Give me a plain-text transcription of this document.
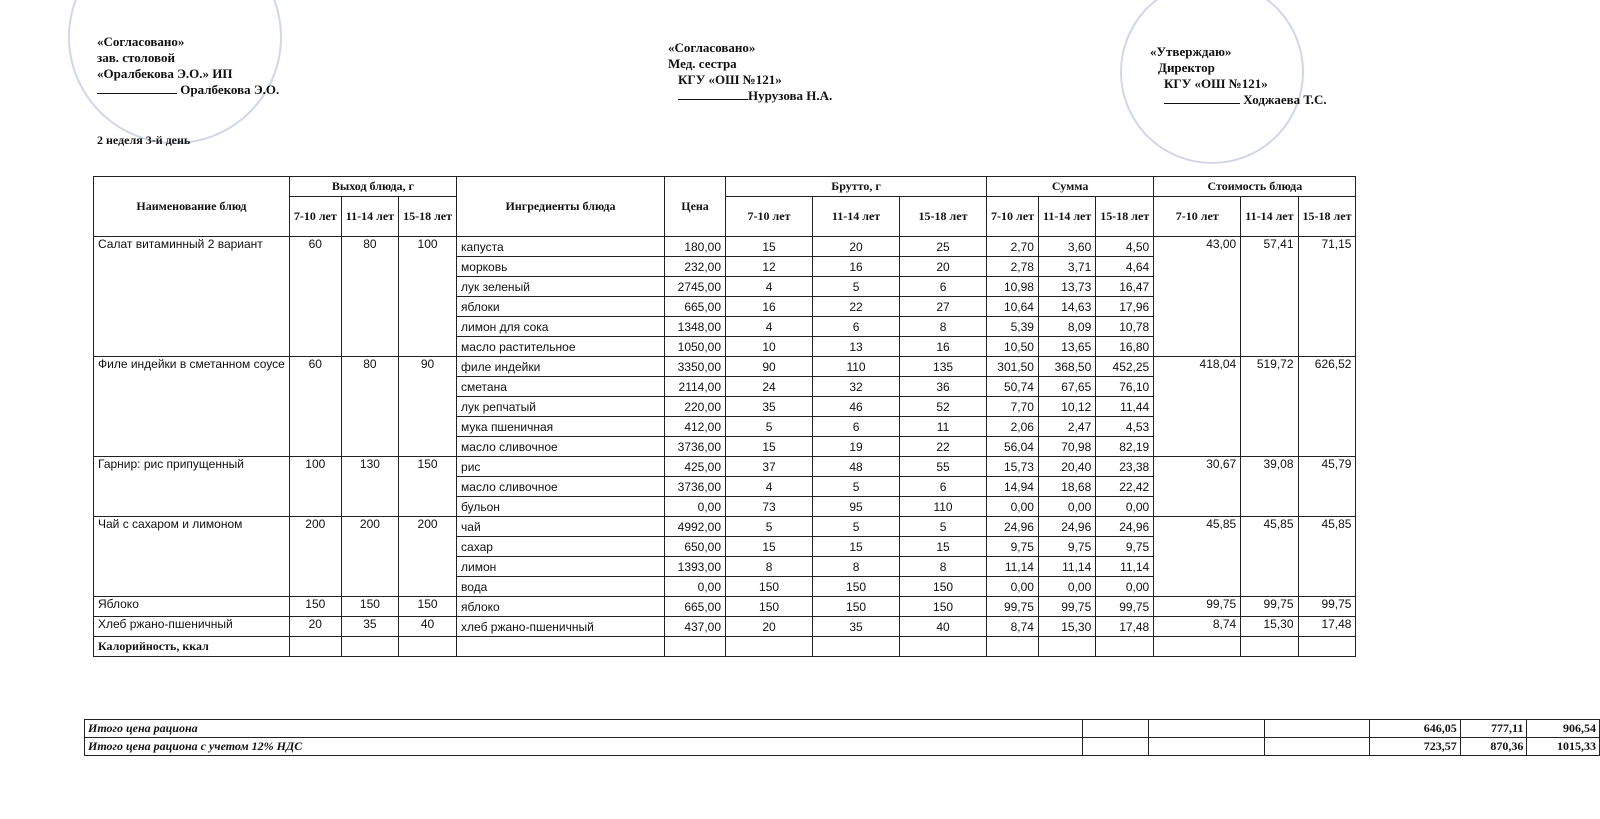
«Согласовано»
зав. столовой
«Оралбекова Э.О.» ИП
Оралбекова Э.О.
«Согласовано»
Мед. сестра
КГУ «ОШ №121»
Нурузова Н.А.
«Утверждаю»
Директор
КГУ «ОШ №121»
Ходжаева Т.С.
2 неделя 3-й день
Наименование блюд	Выход блюда, г			Ингредиенты блюда	Цена	Брутто, г			Сумма			Стоимость блюда		
	7-10 лет	11-14 лет	15-18 лет			7-10 лет	11-14 лет	15-18 лет	7-10 лет	11-14 лет	15-18 лет	7-10 лет	11-14 лет	15-18 лет
Салат витаминный 2 вариант	60	80	100	капуста	180,00	15	20	25	2,70	3,60	4,50	43,00	57,41	71,15
				морковь	232,00	12	16	20	2,78	3,71	4,64			
				лук зеленый	2745,00	4	5	6	10,98	13,73	16,47			
				яблоки	665,00	16	22	27	10,64	14,63	17,96			
				лимон для сока	1348,00	4	6	8	5,39	8,09	10,78			
				масло растительное	1050,00	10	13	16	10,50	13,65	16,80			
Филе индейки в сметанном соусе	60	80	90	филе индейки	3350,00	90	110	135	301,50	368,50	452,25	418,04	519,72	626,52
				сметана	2114,00	24	32	36	50,74	67,65	76,10			
				лук репчатый	220,00	35	46	52	7,70	10,12	11,44			
				мука пшеничная	412,00	5	6	11	2,06	2,47	4,53			
				масло сливочное	3736,00	15	19	22	56,04	70,98	82,19			
Гарнир: рис припущенный	100	130	150	рис	425,00	37	48	55	15,73	20,40	23,38	30,67	39,08	45,79
				масло сливочное	3736,00	4	5	6	14,94	18,68	22,42			
				бульон	0,00	73	95	110	0,00	0,00	0,00			
Чай с сахаром и лимоном	200	200	200	чай	4992,00	5	5	5	24,96	24,96	24,96	45,85	45,85	45,85
				сахар	650,00	15	15	15	9,75	9,75	9,75			
				лимон	1393,00	8	8	8	11,14	11,14	11,14			
				вода	0,00	150	150	150	0,00	0,00	0,00			
Яблоко	150	150	150	яблоко	665,00	150	150	150	99,75	99,75	99,75	99,75	99,75	99,75
Хлеб ржано-пшеничный	20	35	40	хлеб ржано-пшеничный	437,00	20	35	40	8,74	15,30	17,48	8,74	15,30	17,48
Калорийность, ккал														
Итого цена рациона				646,05	777,11	906,54
Итого цена рациона с учетом 12% НДС				723,57	870,36	1015,33
